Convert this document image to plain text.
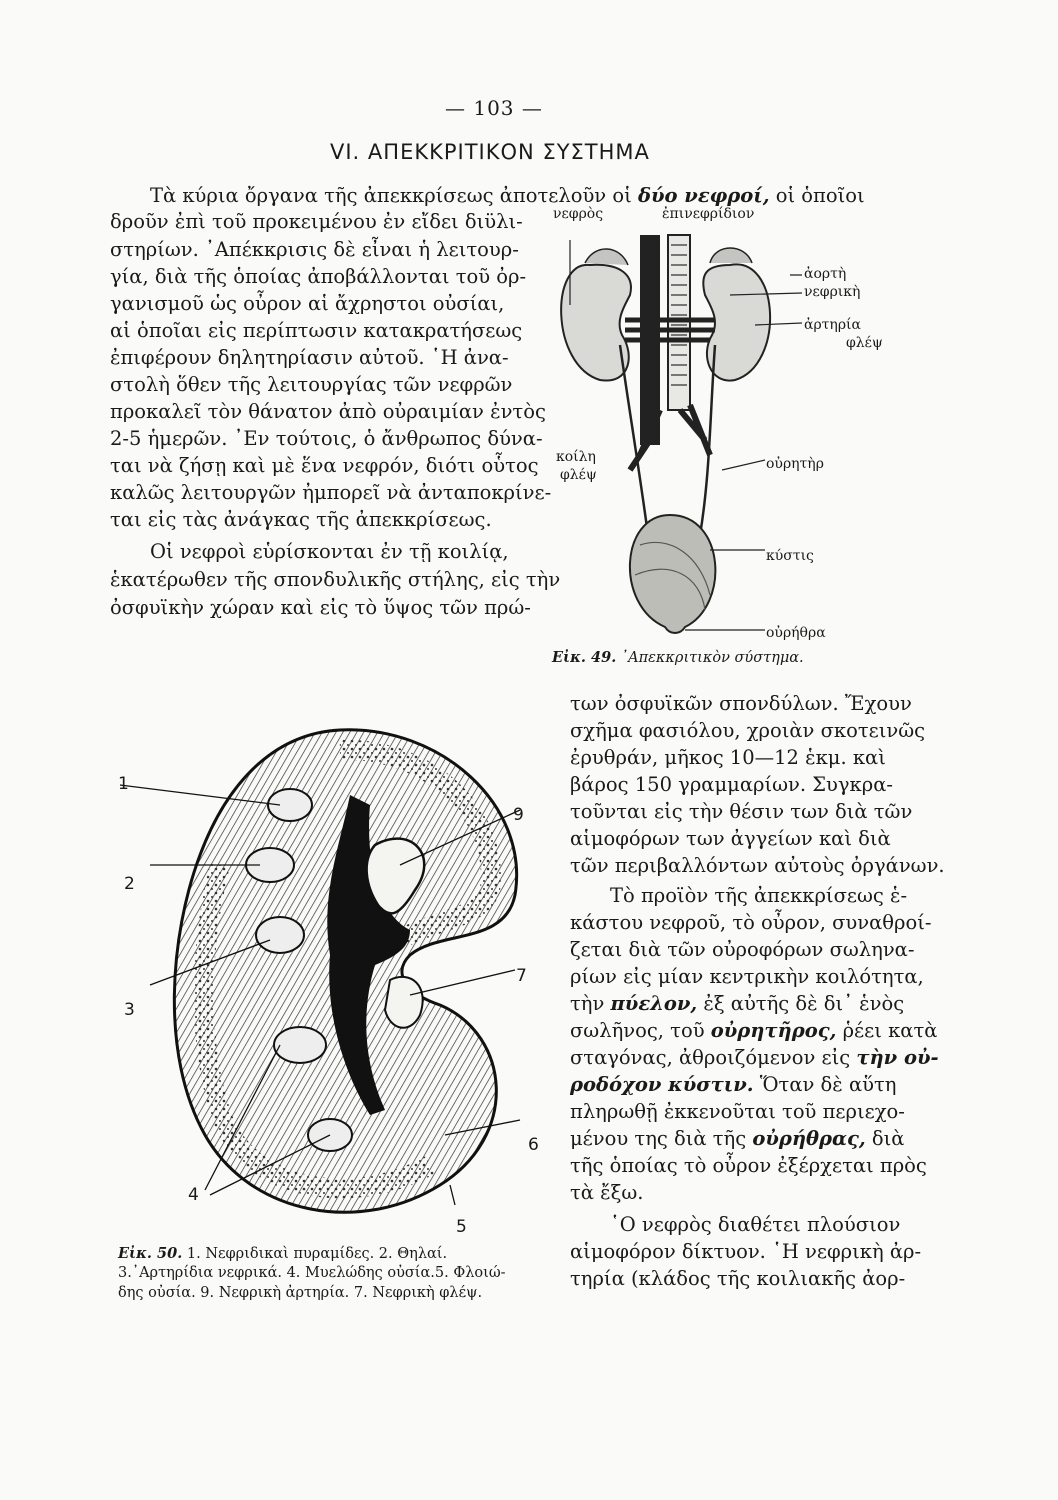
— 103 —
VI. ΑΠΕΚΚΡΙΤΙΚΟΝ ΣΥΣΤΗΜΑ
Τὰ κύρια ὄργανα τῆς ἀπεκκρίσεως ἀποτελοῦν οἱ δύο νεφροί, οἱ ὁποῖοι
δροῦν ἐπὶ τοῦ προκειμένου ἐν εἴδει διϋλι-
στηρίων. ᾿Απέκκρισις δὲ εἶναι ἡ λειτουρ-
γία, διὰ τῆς ὁποίας ἀποβάλλονται τοῦ ὀρ-
γανισμοῦ ὡς οὖρον αἱ ἄχρηστοι οὐσίαι,
αἱ ὁποῖαι εἰς περίπτωσιν κατακρατήσεως
ἐπιφέρουν δηλητηρίασιν αὐτοῦ. ῾Η ἀνα-
στολὴ ὅθεν τῆς λειτουργίας τῶν νεφρῶν
προκαλεῖ τὸν θάνατον ἀπὸ οὐραιμίαν ἐντὸς
2-5 ἡμερῶν. ᾿Εν τούτοις, ὁ ἄνθρωπος δύνα-
ται νὰ ζήσῃ καὶ μὲ ἕνα νεφρόν, διότι οὗτος
καλῶς λειτουργῶν ἠμπορεῖ νὰ ἀνταποκρίνε-
ται εἰς τὰς ἀνάγκας τῆς ἀπεκκρίσεως.
Οἱ νεφροὶ εὑρίσκονται ἐν τῇ κοιλίᾳ,
ἑκατέρωθεν τῆς σπονδυλικῆς στήλης, εἰς τὴν
ὀσφυϊκὴν χώραν καὶ εἰς τὸ ὕψος τῶν πρώ-
νεφρὸς	ἐπινεφρίδιον
ἀορτὴ
νεφρικὴ
ἀρτηρία
φλέψ
κοίλη
φλέψ
οὐρητὴρ
κύστις
οὐρήθρα
Εἰκ. 49. ᾿Απεκκριτικὸν σύστημα.
των ὀσφυϊκῶν σπονδύλων. Ἔχουν
σχῆμα φασιόλου, χροιὰν σκοτεινῶς
ἐρυθράν, μῆκος 10—12 ἑκμ. καὶ
βάρος 150 γραμμαρίων. Συγκρα-
τοῦνται εἰς τὴν θέσιν των διὰ τῶν
αἱμοφόρων των ἀγγείων καὶ διὰ
τῶν περιβαλλόντων αὐτοὺς ὀργάνων.
Τὸ προϊὸν τῆς ἀπεκκρίσεως ἑ-
κάστου νεφροῦ, τὸ οὖρον, συναθροί-
ζεται διὰ τῶν οὐροφόρων σωληνα-
ρίων εἰς μίαν κεντρικὴν κοιλότητα,
τὴν πύελον, ἐξ αὐτῆς δὲ δι᾿ ἑνὸς
σωλῆνος, τοῦ οὐρητῆρος, ῥέει κατὰ
σταγόνας, ἀθροιζόμενον εἰς τὴν οὐ-
ροδόχον κύστιν. Ὅταν δὲ αὕτη
πληρωθῇ ἐκκενοῦται τοῦ περιεχο-
μένου της διὰ τῆς οὐρήθρας, διὰ
τῆς ὁποίας τὸ οὖρον ἐξέρχεται πρὸς
τὰ ἔξω.
῾Ο νεφρὸς διαθέτει πλούσιον
αἱμοφόρον δίκτυον. ῾Η νεφρικὴ ἀρ-
τηρία (κλάδος τῆς κοιλιακῆς ἀορ-
1
2
3
4
5
6
7
9
Εἰκ. 50. 1. Νεφριδικαὶ πυραμίδες. 2. Θηλαί.
3.᾿Αρτηρίδια νεφρικά. 4. Μυελώδης οὐσία.5. Φλοιώ-
δης οὐσία. 9. Νεφρικὴ ἀρτηρία. 7. Νεφρικὴ φλέψ.
